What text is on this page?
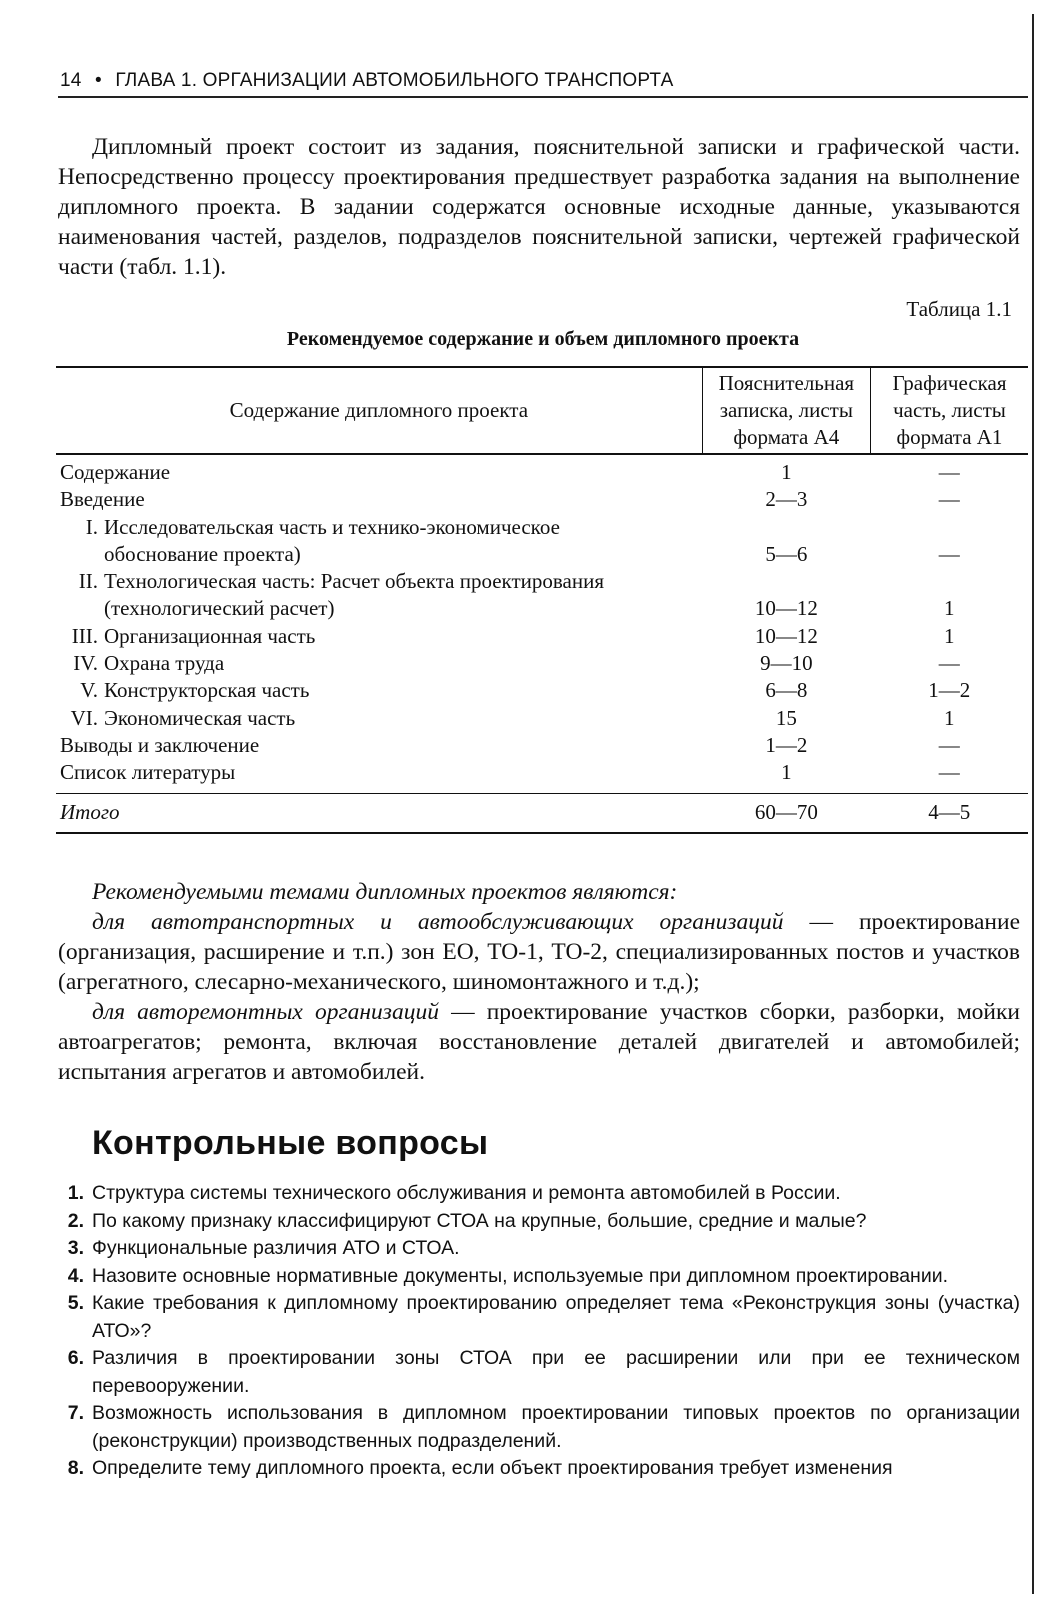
14 • ГЛАВА 1. ОРГАНИЗАЦИИ АВТОМОБИЛЬНОГО ТРАНСПОРТА
Дипломный проект состоит из задания, пояснительной записки и графической части. Непосредственно процессу проектирования предшествует разработка задания на выполнение дипломного проекта. В задании содержатся основные исходные данные, указываются наименования частей, разделов, подразделов пояснительной записки, чертежей графической части (табл. 1.1).
Таблица 1.1
Рекомендуемое содержание и объем дипломного проекта
Содержание дипломного проекта	Пояснительная записка, листы формата А4	Графическая часть, листы формата А1
Содержание	1	—
Введение	2—3	—
I. Исследовательская часть и технико-экономическое обоснование проекта)	5—6	—
II. Технологическая часть: Расчет объекта проектирования (технологический расчет)	10—12	1
III. Организационная часть	10—12	1
IV. Охрана труда	9—10	—
V. Конструкторская часть	6—8	1—2
VI. Экономическая часть	15	1
Выводы и заключение	1—2	—
Список литературы	1	—
Итого	60—70	4—5

Рекомендуемыми темами дипломных проектов являются:

для автотранспортных и автообслуживающих организаций — проектирование (организация, расширение и т.п.) зон ЕО, ТО-1, ТО-2, специализированных постов и участков (агрегатного, слесарно-механического, шиномонтажного и т.д.);

для авторемонтных организаций — проектирование участков сборки, разборки, мойки автоагрегатов; ремонта, включая восстановление деталей двигателей и автомобилей; испытания агрегатов и автомобилей.

Контрольные вопросы
1. Структура системы технического обслуживания и ремонта автомобилей в России.
2. По какому признаку классифицируют СТОА на крупные, большие, средние и малые?
3. Функциональные различия АТО и СТОА.
4. Назовите основные нормативные документы, используемые при дипломном проектировании.
5. Какие требования к дипломному проектированию определяет тема «Реконструкция зоны (участка) АТО»?
6. Различия в проектировании зоны СТОА при ее расширении или при ее техническом перевооружении.
7. Возможность использования в дипломном проектировании типовых проектов по организации (реконструкции) производственных подразделений.
8. Определите тему дипломного проекта, если объект проектирования требует изменения
